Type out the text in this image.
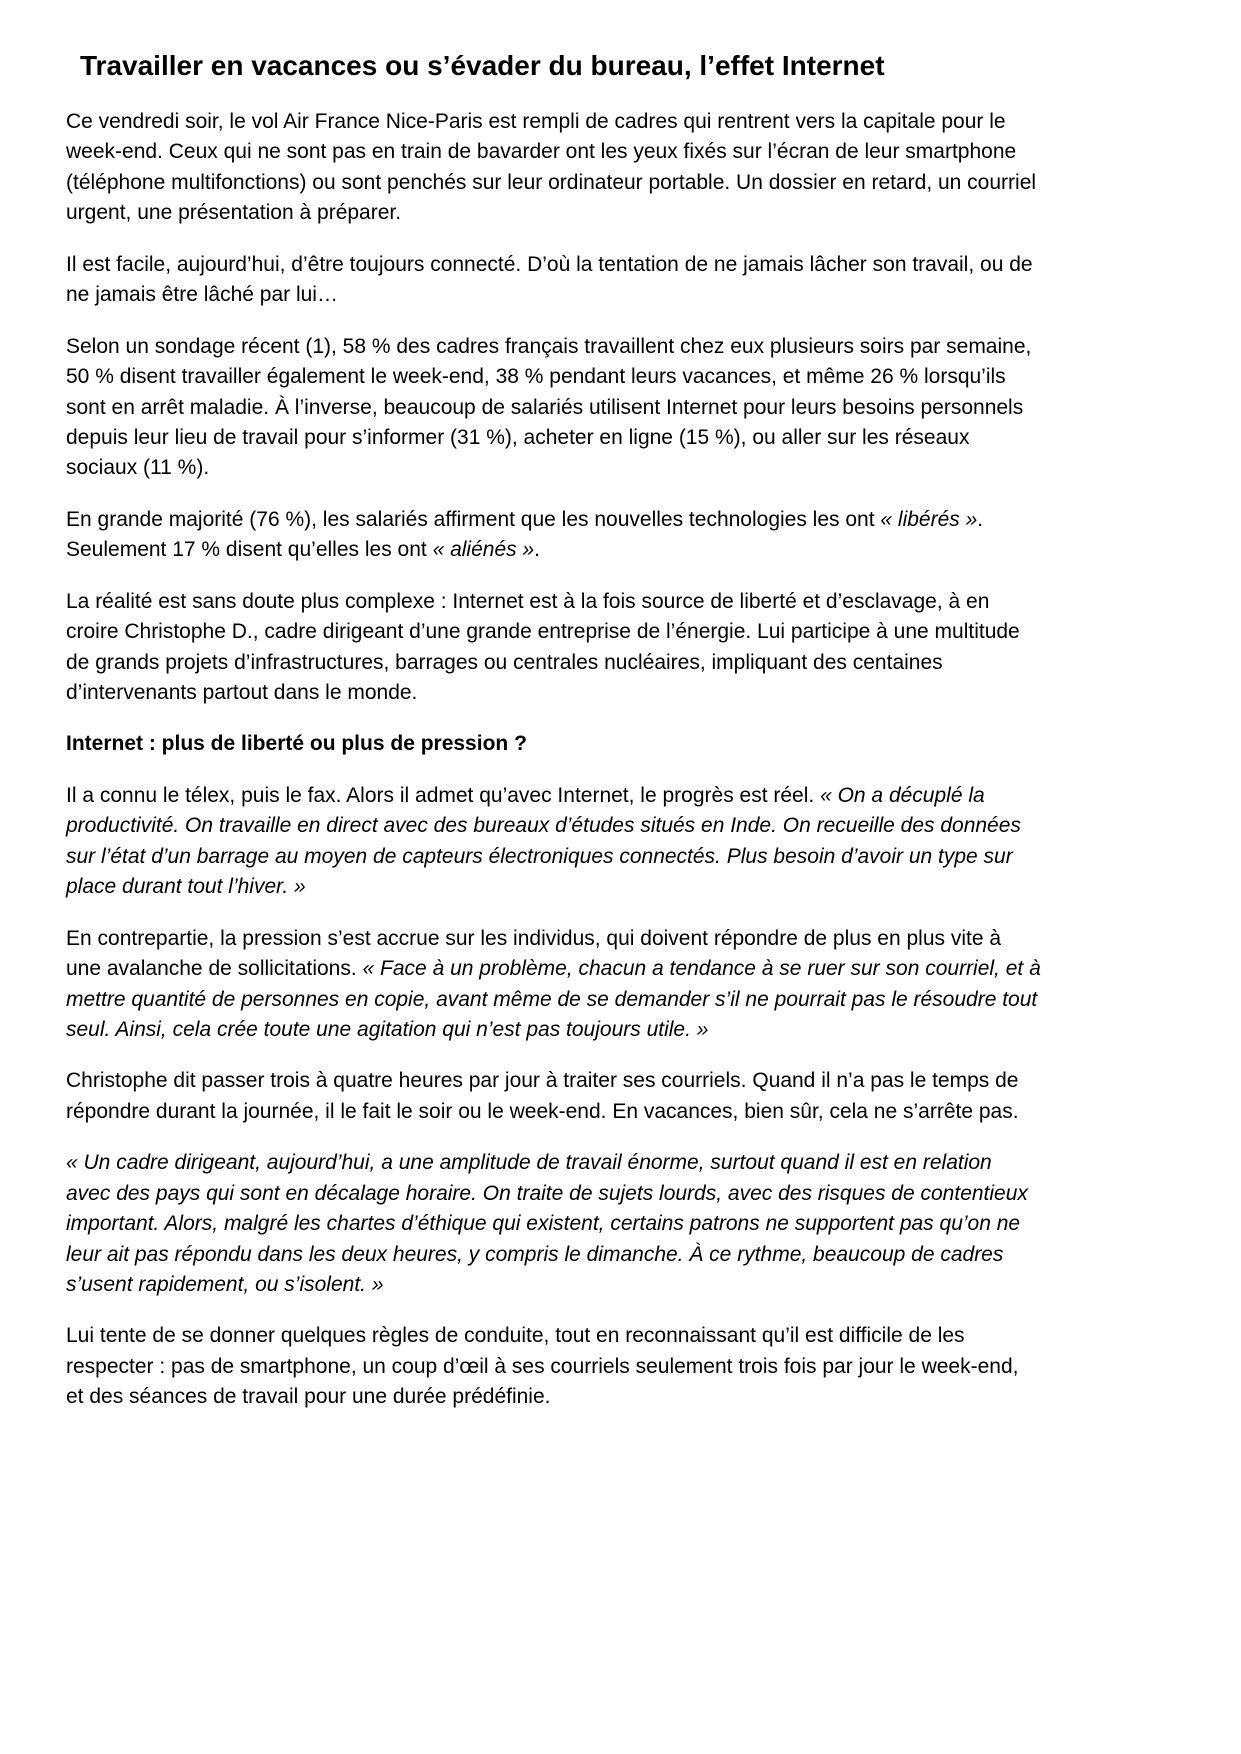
Travailler en vacances ou s’évader du bureau, l’effet Internet

Ce vendredi soir, le vol Air France Nice-Paris est rempli de cadres qui rentrent vers la capitale pour le week-end. Ceux qui ne sont pas en train de bavarder ont les yeux fixés sur l’écran de leur smartphone (téléphone multifonctions) ou sont penchés sur leur ordinateur portable. Un dossier en retard, un courriel urgent, une présentation à préparer.

Il est facile, aujourd’hui, d’être toujours connecté. D’où la tentation de ne jamais lâcher son travail, ou de ne jamais être lâché par lui…

Selon un sondage récent (1), 58 % des cadres français travaillent chez eux plusieurs soirs par semaine, 50 % disent travailler également le week-end, 38 % pendant leurs vacances, et même 26 % lorsqu’ils sont en arrêt maladie. À l’inverse, beaucoup de salariés utilisent Internet pour leurs besoins personnels depuis leur lieu de travail pour s’informer (31 %), acheter en ligne (15 %), ou aller sur les réseaux sociaux (11 %).

En grande majorité (76 %), les salariés affirment que les nouvelles technologies les ont « libérés ». Seulement 17 % disent qu’elles les ont « aliénés ».

La réalité est sans doute plus complexe : Internet est à la fois source de liberté et d’esclavage, à en croire Christophe D., cadre dirigeant d’une grande entreprise de l’énergie. Lui participe à une multitude de grands projets d’infrastructures, barrages ou centrales nucléaires, impliquant des centaines d’intervenants partout dans le monde.

Internet : plus de liberté ou plus de pression ?

Il a connu le télex, puis le fax. Alors il admet qu’avec Internet, le progrès est réel. « On a décuplé la productivité. On travaille en direct avec des bureaux d’études situés en Inde. On recueille des données sur l’état d’un barrage au moyen de capteurs électroniques connectés. Plus besoin d’avoir un type sur place durant tout l’hiver. »

En contrepartie, la pression s’est accrue sur les individus, qui doivent répondre de plus en plus vite à une avalanche de sollicitations. « Face à un problème, chacun a tendance à se ruer sur son courriel, et à mettre quantité de personnes en copie, avant même de se demander s’il ne pourrait pas le résoudre tout seul. Ainsi, cela crée toute une agitation qui n’est pas toujours utile. »

Christophe dit passer trois à quatre heures par jour à traiter ses courriels. Quand il n’a pas le temps de répondre durant la journée, il le fait le soir ou le week-end. En vacances, bien sûr, cela ne s’arrête pas.

« Un cadre dirigeant, aujourd’hui, a une amplitude de travail énorme, surtout quand il est en relation avec des pays qui sont en décalage horaire. On traite de sujets lourds, avec des risques de contentieux important. Alors, malgré les chartes d’éthique qui existent, certains patrons ne supportent pas qu’on ne leur ait pas répondu dans les deux heures, y compris le dimanche. À ce rythme, beaucoup de cadres s’usent rapidement, ou s’isolent. »

Lui tente de se donner quelques règles de conduite, tout en reconnaissant qu’il est difficile de les respecter : pas de smartphone, un coup d’œil à ses courriels seulement trois fois par jour le week-end, et des séances de travail pour une durée prédéfinie.
